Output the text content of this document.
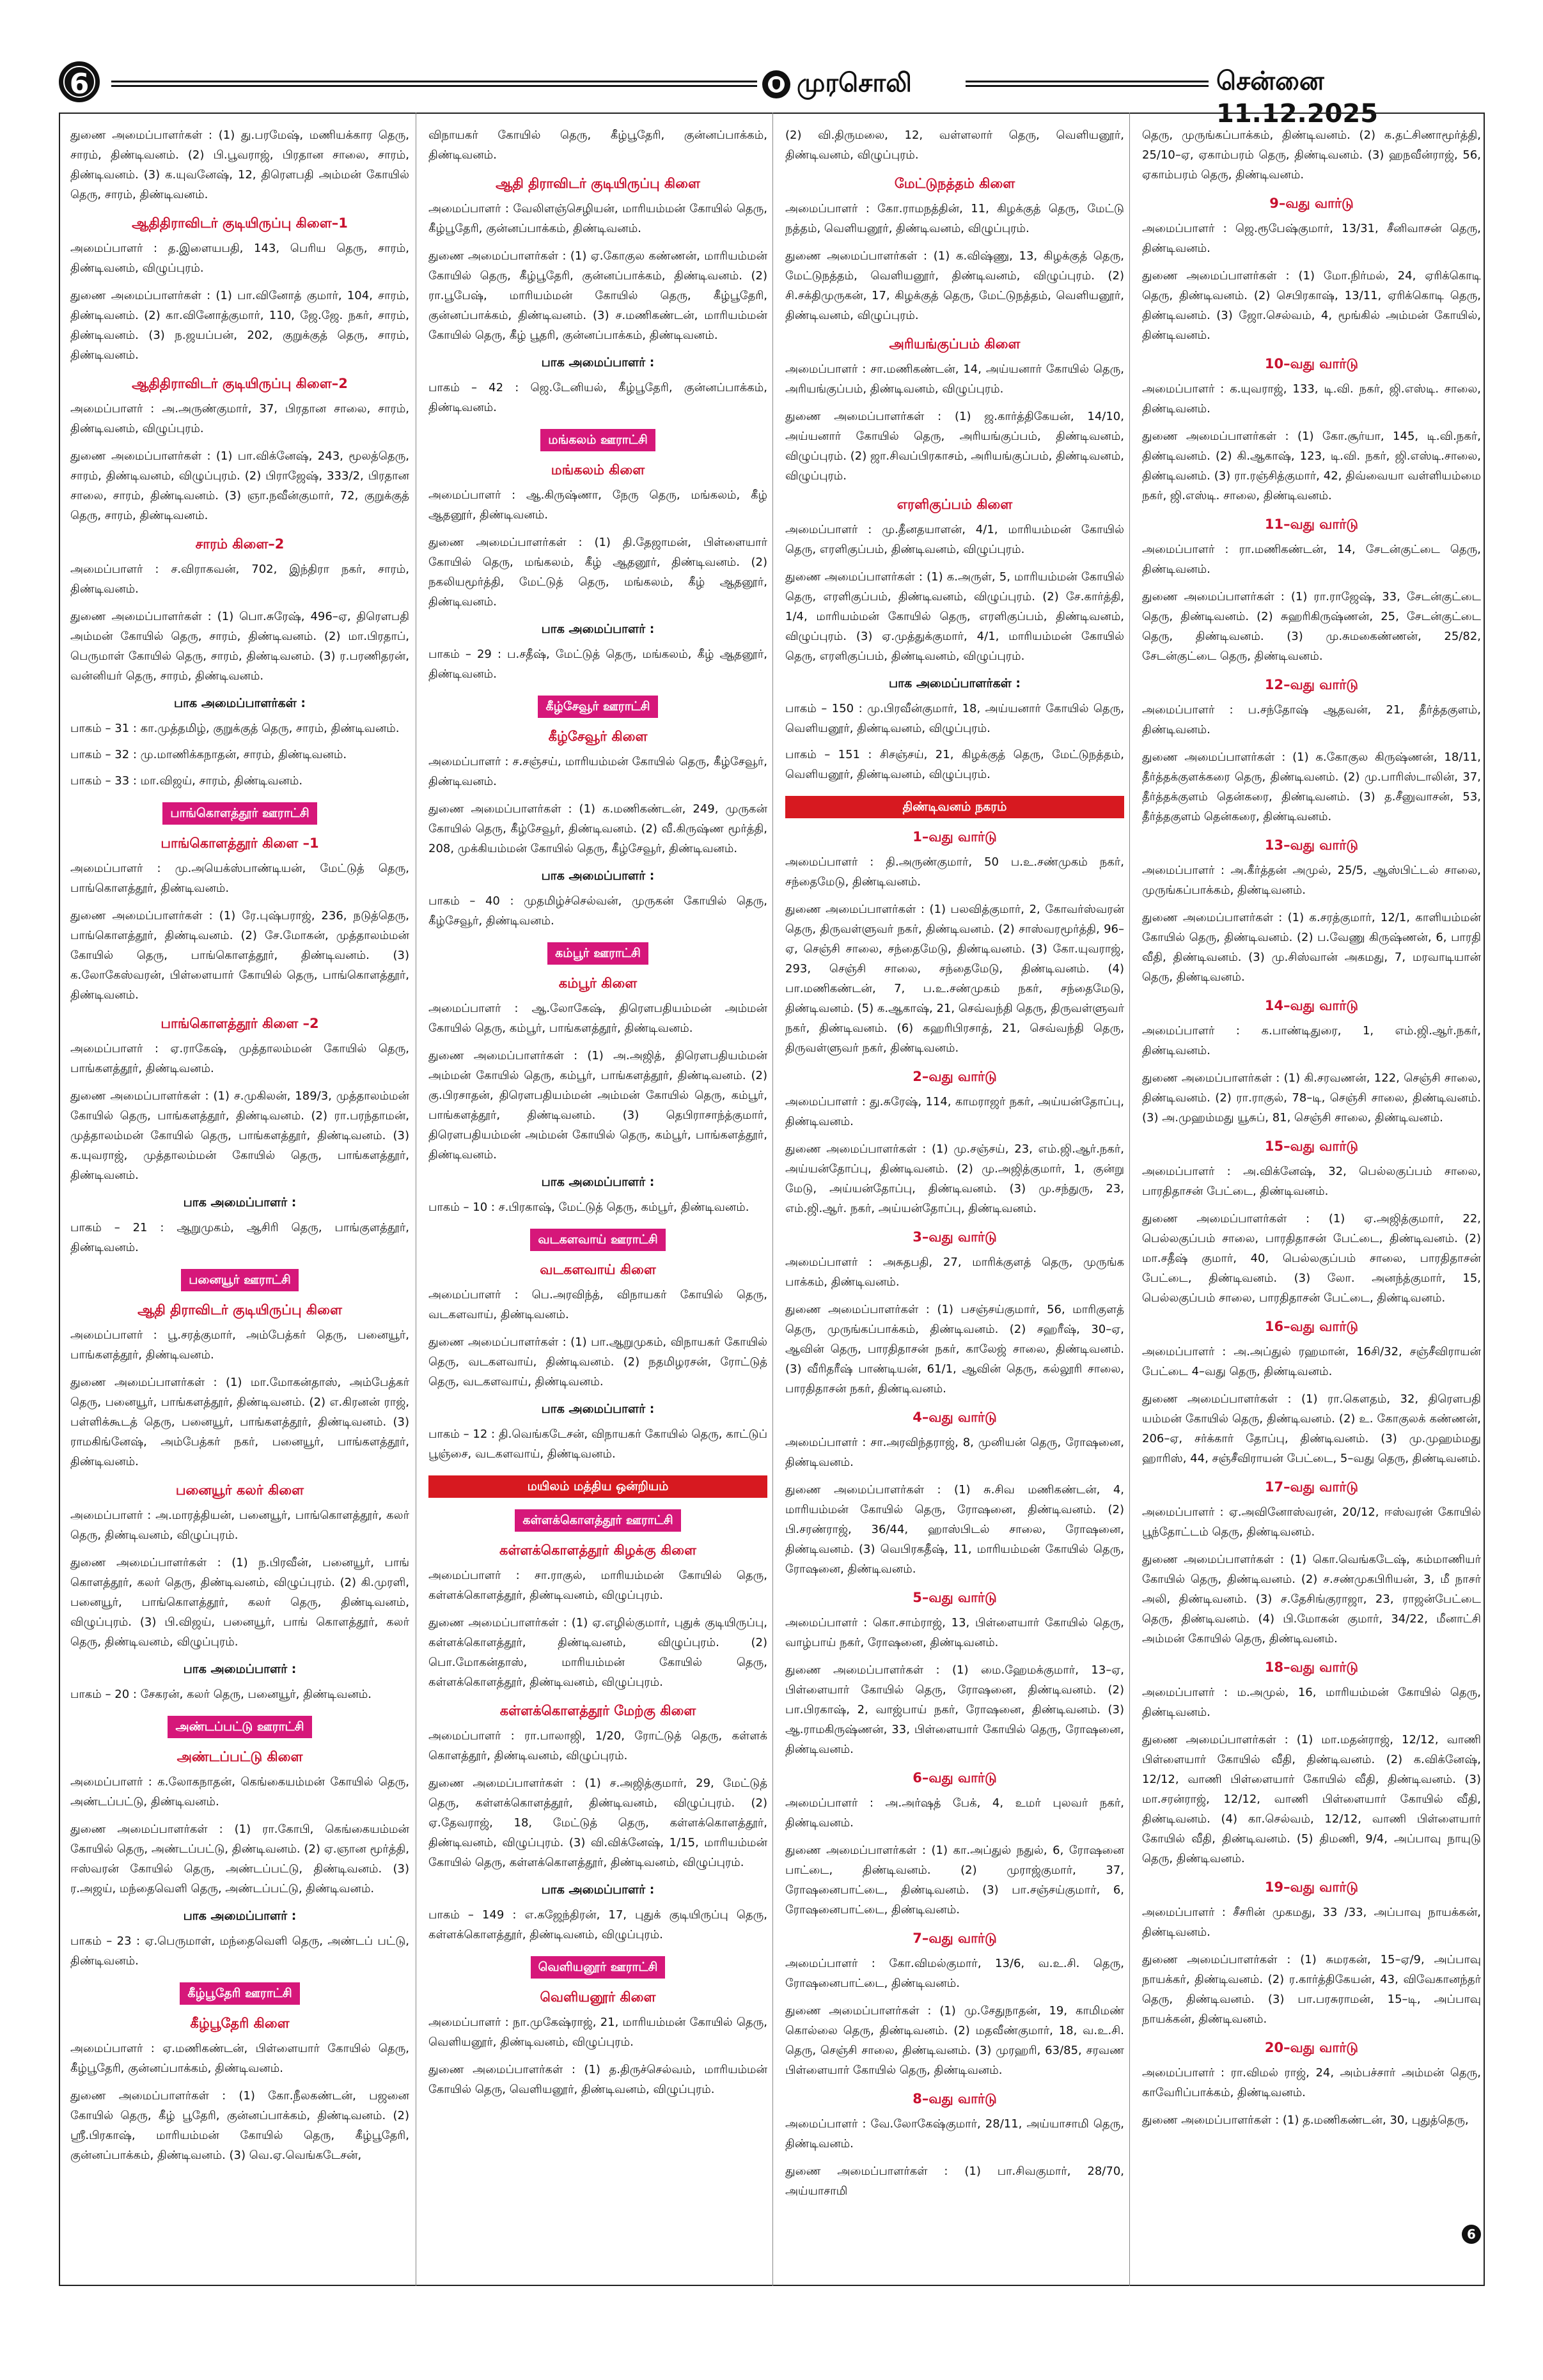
6	முரசொலி	சென்னை 11.12.2025

துணை அமைப்பாளர்கள் : (1) து.பரமேஷ், மணியக்கார தெரு, சாரம், திண்டிவனம். (2) பி.பூவராஜ், பிரதான சாலை, சாரம், திண்டிவனம். (3) க.யுவனேஷ், 12, திரௌபதி அம்மன் கோயில் தெரு, சாரம், திண்டிவனம்.

ஆதிதிராவிடர் குடியிருப்பு கிளை–1

அமைப்பாளர் : த.இளையபதி, 143, பெரிய தெரு, சாரம், திண்டிவனம், விழுப்புரம்.

துணை அமைப்பாளர்கள் : (1) பா.வினோத் குமார், 104, சாரம், திண்டிவனம். (2) கா.வினோத்குமார், 110, ஜே.ஜே. நகர், சாரம், திண்டிவனம். (3) ந.ஜயப்பன், 202, குறுக்குத் தெரு, சாரம், திண்டிவனம்.

ஆதிதிராவிடர் குடியிருப்பு கிளை–2

அமைப்பாளர் : அ.அருண்குமார், 37, பிரதான சாலை, சாரம், திண்டிவனம், விழுப்புரம்.

துணை அமைப்பாளர்கள் : (1) பா.விக்னேஷ், 243, மூலத்தெரு, சாரம், திண்டிவனம், விழுப்புரம். (2) பிராஜேஷ், 333/2, பிரதான சாலை, சாரம், திண்டிவனம். (3) ஞா.நவீன்குமார், 72, குறுக்குத் தெரு, சாரம், திண்டிவனம்.

சாரம் கிளை–2

அமைப்பாளர் : ச.விராகவன், 702, இந்திரா நகர், சாரம், திண்டிவனம்.

துணை அமைப்பாளர்கள் : (1) பொ.சுரேஷ், 496–ஏ, திரௌபதி அம்மன் கோயில் தெரு, சாரம், திண்டிவனம். (2) மா.பிரதாப், பெருமாள் கோயில் தெரு, சாரம், திண்டிவனம். (3) ர.பரணிதரன், வன்னியர் தெரு, சாரம், திண்டிவனம்.

பாக அமைப்பாளர்கள் :

பாகம் – 31 : கா.முத்தமிழ், குறுக்குத் தெரு, சாரம், திண்டிவனம்.

பாகம் – 32 : மு.மாணிக்கநாதன், சாரம், திண்டிவனம்.

பாகம் – 33 : மா.விஜய், சாரம், திண்டிவனம்.

பாங்கொளத்தூர் ஊராட்சி
பாங்கொளத்தூர் கிளை –1

அமைப்பாளர் : மு.அயெக்ஸ்பாண்டியன், மேட்டுத் தெரு, பாங்கொளத்தூர், திண்டிவனம்.

துணை அமைப்பாளர்கள் : (1) ரே.புஷ்பராஜ், 236, நடுத்தெரு, பாங்கொளத்தூர், திண்டிவனம். (2) சே.மோகன், முத்தாலம்மன் கோயில் தெரு, பாங்கொளத்தூர், திண்டிவனம். (3) க.லோகேஸ்வரன், பிள்ளையார் கோயில் தெரு, பாங்கொளத்தூர், திண்டிவனம்.

பாங்கொளத்தூர் கிளை –2

அமைப்பாளர் : ஏ.ராகேஷ், முத்தாலம்மன் கோயில் தெரு, பாங்களத்தூர், திண்டிவனம்.

துணை அமைப்பாளர்கள் : (1) ச.முகிலன், 189/3, முத்தாலம்மன் கோயில் தெரு, பாங்களத்தூர், திண்டிவனம். (2) ரா.பரந்தாமன், முத்தாலம்மன் கோயில் தெரு, பாங்களத்தூர், திண்டிவனம். (3) க.யுவராஜ், முத்தாலம்மன் கோயில் தெரு, பாங்களத்தூர், திண்டிவனம்.

பாக அமைப்பாளர் :

பாகம் – 21 : ஆறுமுகம், ஆசிரி தெரு, பாங்குளத்தூர், திண்டிவனம்.

பனையூர் ஊராட்சி
ஆதி திராவிடர் குடியிருப்பு கிளை

அமைப்பாளர் : பூ.சரத்குமார், அம்பேத்கர் தெரு, பனையூர், பாங்களத்தூர், திண்டிவனம்.

துணை அமைப்பாளர்கள் : (1) மா.மோகன்தாஸ், அம்பேத்கர் தெரு, பனையூர், பாங்களத்தூர், திண்டிவனம். (2) எ.கிரனன் ராஜ், பள்ளிக்கூடத் தெரு, பனையூர், பாங்களத்தூர், திண்டிவனம். (3) ராமகிங்னேஷ், அம்பேத்கர் நகர், பனையூர், பாங்களத்தூர், திண்டிவனம்.

பனையூர் கலர் கிளை

அமைப்பாளர் : அ.மாரத்தியன், பனையூர், பாங்கொளத்தூர், கலர் தெரு, திண்டிவனம், விழுப்புரம்.

துணை அமைப்பாளர்கள் : (1) ந.பிரவீன், பனையூர், பாங் கொளத்தூர், கலர் தெரு, திண்டிவனம், விழுப்புரம். (2) கி.முரளி, பனையூர், பாங்கொளத்தூர், கலர் தெரு, திண்டிவனம், விழுப்புரம். (3) பி.விஜய், பனையூர், பாங் கொளத்தூர், கலர் தெரு, திண்டிவனம், விழுப்புரம்.

பாக அமைப்பாளர் :

பாகம் – 20 : சேகரன், கலர் தெரு, பனையூர், திண்டிவனம்.

அண்டப்பட்டு ஊராட்சி
அண்டப்பட்டு கிளை

அமைப்பாளர் : க.லோகநாதன், கெங்கையம்மன் கோயில் தெரு, அண்டப்பட்டு, திண்டிவனம்.

துணை அமைப்பாளர்கள் : (1) ரா.கோபி, கெங்கையம்மன் கோயில் தெரு, அண்டப்பட்டு, திண்டிவனம். (2) ஏ.ஞான மூர்த்தி, ஈஸ்வரன் கோயில் தெரு, அண்டப்பட்டு, திண்டிவனம். (3) ர.அஜய், மந்தைவெளி தெரு, அண்டப்பட்டு, திண்டிவனம்.

பாக அமைப்பாளர் :

பாகம் – 23 : ஏ.பெருமாள், மந்தைவெளி தெரு, அண்டப் பட்டு, திண்டிவனம்.

கீழ்பூதேரி ஊராட்சி
கீழ்பூதேரி கிளை

அமைப்பாளர் : ஏ.மணிகண்டன், பிள்ளையார் கோயில் தெரு, கீழ்பூதேரி, குன்னப்பாக்கம், திண்டிவனம்.

துணை அமைப்பாளர்கள் : (1) கோ.நீலகண்டன், பஜனை கோயில் தெரு, கீழ் பூதேரி, குன்னப்பாக்கம், திண்டிவனம். (2) ஸ்ரீ.பிரகாஷ், மாரியம்மன் கோயில் தெரு, கீழ்பூதேரி, குன்னப்பாக்கம், திண்டிவனம். (3) வெ.ஏ.வெங்கடேசன்,

விநாயகர் கோயில் தெரு, கீழ்பூதேரி, குன்னப்பாக்கம், திண்டிவனம்.

ஆதி திராவிடர் குடியிருப்பு கிளை

அமைப்பாளர் : வேலிளஞ்செழியன், மாரியம்மன் கோயில் தெரு, கீழ்பூதேரி, குன்னப்பாக்கம், திண்டிவனம்.

துணை அமைப்பாளர்கள் : (1) ஏ.கோகுல கண்ணன், மாரியம்மன் கோயில் தெரு, கீழ்பூதேரி, குன்னப்பாக்கம், திண்டிவனம். (2) ரா.பூபேஷ், மாரியம்மன் கோயில் தெரு, கீழ்பூதேரி, குன்னப்பாக்கம், திண்டிவனம். (3) ச.மணிகண்டன், மாரியம்மன் கோயில் தெரு, கீழ் பூதரி, குன்னப்பாக்கம், திண்டிவனம்.

பாக அமைப்பாளர் :

பாகம் – 42 : ஜெ.டேனியல், கீழ்பூதேரி, குன்னப்பாக்கம், திண்டிவனம்.

மங்கலம் ஊராட்சி
மங்கலம் கிளை

அமைப்பாளர் : ஆ.கிருஷ்ணா, நேரு தெரு, மங்கலம், கீழ் ஆதனூர், திண்டிவனம்.

துணை அமைப்பாளர்கள் : (1) தி.தேஜாமன், பிள்ளையார் கோயில் தெரு, மங்கலம், கீழ் ஆதனூர், திண்டிவனம். (2) நகலியமூர்த்தி, மேட்டுத் தெரு, மங்கலம், கீழ் ஆதனூர், திண்டிவனம்.

பாக அமைப்பாளர் :

பாகம் – 29 : ப.சதீஷ், மேட்டுத் தெரு, மங்கலம், கீழ் ஆதனூர், திண்டிவனம்.

கீழ்சேவூர் ஊராட்சி
கீழ்சேவூர் கிளை

அமைப்பாளர் : ச.சஞ்சய், மாரியம்மன் கோயில் தெரு, கீழ்சேவூர், திண்டிவனம்.

துணை அமைப்பாளர்கள் : (1) க.மணிகண்டன், 249, முருகன் கோயில் தெரு, கீழ்சேவூர், திண்டிவனம். (2) வீ.கிருஷ்ண மூர்த்தி, 208, முக்கியம்மன் கோயில் தெரு, கீழ்சேவூர், திண்டிவனம்.

பாக அமைப்பாளர் :

பாகம் – 40 : முதமிழ்ச்செல்வன், முருகன் கோயில் தெரு, கீழ்சேவூர், திண்டிவனம்.

கம்பூர் ஊராட்சி
கம்பூர் கிளை

அமைப்பாளர் : ஆ.லோகேஷ், திரௌபதியம்மன் அம்மன் கோயில் தெரு, கம்பூர், பாங்களத்தூர், திண்டிவனம்.

துணை அமைப்பாளர்கள் : (1) அ.அஜித், திரௌபதியம்மன் அம்மன் கோயில் தெரு, கம்பூர், பாங்களத்தூர், திண்டிவனம். (2) கு.பிரசாதன், திரௌபதியம்மன் அம்மன் கோயில் தெரு, கம்பூர், பாங்களத்தூர், திண்டிவனம். (3) தெபிராசாந்த்குமார், திரௌபதியம்மன் அம்மன் கோயில் தெரு, கம்பூர், பாங்களத்தூர், திண்டிவனம்.

பாக அமைப்பாளர் :

பாகம் – 10 : ச.பிரகாஷ், மேட்டுத் தெரு, கம்பூர், திண்டிவனம்.

வடகளவாய் ஊராட்சி
வடகளவாய் கிளை

அமைப்பாளர் : பெ.அரவிந்த், விநாயகர் கோயில் தெரு, வடகளவாய், திண்டிவனம்.

துணை அமைப்பாளர்கள் : (1) பா.ஆறுமுகம், விநாயகர் கோயில் தெரு, வடகளவாய், திண்டிவனம். (2) நதமிழரசன், ரோட்டுத் தெரு, வடகளவாய், திண்டிவனம்.

பாக அமைப்பாளர் :

பாகம் – 12 : தி.வெங்கடேசன், விநாயகர் கோயில் தெரு, காட்டுப் பூஞ்சை, வடகளவாய், திண்டிவனம்.

மயிலம் மத்திய ஒன்றியம்
கள்ளக்கொளத்தூர் ஊராட்சி
கள்ளக்கொளத்தூர் கிழக்கு கிளை

அமைப்பாளர் : சா.ராகுல், மாரியம்மன் கோயில் தெரு, கள்ளக்கொளத்தூர், திண்டிவனம், விழுப்புரம்.

துணை அமைப்பாளர்கள் : (1) ஏ.எழில்குமார், புதுக் குடியிருப்பு, கள்ளக்கொளத்தூர், திண்டிவனம், விழுப்புரம். (2) பொ.மோகன்தாஸ், மாரியம்மன் கோயில் தெரு, கள்ளக்கொளத்தூர், திண்டிவனம், விழுப்புரம்.

கள்ளக்கொளத்தூர் மேற்கு கிளை

அமைப்பாளர் : ரா.பாலாஜி, 1/20, ரோட்டுத் தெரு, கள்ளக் கொளத்தூர், திண்டிவனம், விழுப்புரம்.

துணை அமைப்பாளர்கள் : (1) ச.அஜித்குமார், 29, மேட்டுத் தெரு, கள்ளக்கொளத்தூர், திண்டிவனம், விழுப்புரம். (2) ஏ.தேவராஜ், 18, மேட்டுத் தெரு, கள்ளக்கொளத்தூர், திண்டிவனம், விழுப்புரம். (3) வி.விக்னேஷ், 1/15, மாரியம்மன் கோயில் தெரு, கள்ளக்கொளத்தூர், திண்டிவனம், விழுப்புரம்.

பாக அமைப்பாளர் :

பாகம் – 149 : எ.கஜேந்திரன், 17, புதுக் குடியிருப்பு தெரு, கள்ளக்கொளத்தூர், திண்டிவனம், விழுப்புரம்.

வெளியனூர் ஊராட்சி
வெளியனூர் கிளை

அமைப்பாளர் : நா.முகேஷ்ராஜ், 21, மாரியம்மன் கோயில் தெரு, வெளியனூர், திண்டிவனம், விழுப்புரம்.

துணை அமைப்பாளர்கள் : (1) த.திருச்செல்வம், மாரியம்மன் கோயில் தெரு, வெளியனூர், திண்டிவனம், விழுப்புரம்.

(2) வி.திருமலை, 12, வள்ளலார் தெரு, வெளியனூர், திண்டிவனம், விழுப்புரம்.

மேட்டுநத்தம் கிளை

அமைப்பாளர் : கோ.ராமநத்தின், 11, கிழக்குத் தெரு, மேட்டு நத்தம், வெளியனூர், திண்டிவனம், விழுப்புரம்.

துணை அமைப்பாளர்கள் : (1) க.விஷ்ணு, 13, கிழக்குத் தெரு, மேட்டுநத்தம், வெளியனூர், திண்டிவனம், விழுப்புரம். (2) சி.சக்திமுருகன், 17, கிழக்குத் தெரு, மேட்டுநத்தம், வெளியனூர், திண்டிவனம், விழுப்புரம்.

அரியங்குப்பம் கிளை

அமைப்பாளர் : சா.மணிகண்டன், 14, அய்யனார் கோயில் தெரு, அரியங்குப்பம், திண்டிவனம், விழுப்புரம்.

துணை அமைப்பாளர்கள் : (1) ஜ.கார்த்திகேயன், 14/10, அய்யனார் கோயில் தெரு, அரியங்குப்பம், திண்டிவனம், விழுப்புரம். (2) ஜா.சிவப்பிரகாசம், அரியங்குப்பம், திண்டிவனம், விழுப்புரம்.

எரளிகுப்பம் கிளை

அமைப்பாளர் : மு.தீனதயாளன், 4/1, மாரியம்மன் கோயில் தெரு, எரளிகுப்பம், திண்டிவனம், விழுப்புரம்.

துணை அமைப்பாளர்கள் : (1) க.அருள், 5, மாரியம்மன் கோயில் தெரு, எரளிகுப்பம், திண்டிவனம், விழுப்புரம். (2) சே.கார்த்தி, 1/4, மாரியம்மன் கோயில் தெரு, எரளிகுப்பம், திண்டிவனம், விழுப்புரம். (3) ஏ.முத்துக்குமார், 4/1, மாரியம்மன் கோயில் தெரு, எரளிகுப்பம், திண்டிவனம், விழுப்புரம்.

பாக அமைப்பாளர்கள் :

பாகம் – 150 : மு.பிரவீன்குமார், 18, அய்யனார் கோயில் தெரு, வெளியனூர், திண்டிவனம், விழுப்புரம்.

பாகம் – 151 : சிசஞ்சய், 21, கிழக்குத் தெரு, மேட்டுநத்தம், வெளியனூர், திண்டிவனம், விழுப்புரம்.

திண்டிவனம் நகரம்
1–வது வார்டு

அமைப்பாளர் : தி.அருண்குமார், 50 ப.உ.சண்முகம் நகர், சந்தைமேடு, திண்டிவனம்.

துணை அமைப்பாளர்கள் : (1) பலவித்குமார், 2, கோவர்ஸ்வரன் தெரு, திருவள்ளுவர் நகர், திண்டிவனம். (2) சாஸ்வரமூர்த்தி, 96–ஏ, செஞ்சி சாலை, சந்தைமேடு, திண்டிவனம். (3) கோ.யுவராஜ், 293, செஞ்சி சாலை, சந்தைமேடு, திண்டிவனம். (4) பா.மணிகண்டன், 7, ப.உ.சண்முகம் நகர், சந்தைமேடு, திண்டிவனம். (5) க.ஆகாஷ், 21, செவ்வந்தி தெரு, திருவள்ளுவர் நகர், திண்டிவனம். (6) கஹரிபிரசாத், 21, செவ்வந்தி தெரு, திருவள்ளுவர் நகர், திண்டிவனம்.

2–வது வார்டு

அமைப்பாளர் : து.சுரேஷ், 114, காமராஜர் நகர், அய்யன்தோப்பு, திண்டிவனம்.

துணை அமைப்பாளர்கள் : (1) மு.சஞ்சய், 23, எம்.ஜி.ஆர்.நகர், அய்யன்தோப்பு, திண்டிவனம். (2) மு.அஜித்குமார், 1, குன்று மேடு, அய்யன்தோப்பு, திண்டிவனம். (3) மு.சந்துரு, 23, எம்.ஜி.ஆர். நகர், அய்யன்தோப்பு, திண்டிவனம்.

3–வது வார்டு

அமைப்பாளர் : அசுதபதி, 27, மாரிக்குளத் தெரு, முருங்க பாக்கம், திண்டிவனம்.

துணை அமைப்பாளர்கள் : (1) பசஞ்சய்குமார், 56, மாரிகுளத் தெரு, முருங்கப்பாக்கம், திண்டிவனம். (2) சஹரீஷ், 30–ஏ, ஆவின் தெரு, பாரதிதாசன் நகர், காலேஜ் சாலை, திண்டிவனம். (3) வீரிதரீஷ் பாண்டியன், 61/1, ஆவின் தெரு, கல்லூரி சாலை, பாரதிதாசன் நகர், திண்டிவனம்.

4–வது வார்டு

அமைப்பாளர் : சா.அரவிந்தராஜ், 8, முனியன் தெரு, ரோஷனை, திண்டிவனம்.

துணை அமைப்பாளர்கள் : (1) சு.சிவ மணிகண்டன், 4, மாரியம்மன் கோயில் தெரு, ரோஷனை, திண்டிவனம். (2) பி.சரண்ராஜ், 36/44, ஹாஸ்பிடல் சாலை, ரோஷனை, திண்டிவனம். (3) வெபிரகதீஷ், 11, மாரியம்மன் கோயில் தெரு, ரோஷனை, திண்டிவனம்.

5–வது வார்டு

அமைப்பாளர் : கொ.சாம்ராஜ், 13, பிள்ளையார் கோயில் தெரு, வாழ்பாய் நகர், ரோஷனை, திண்டிவனம்.

துணை அமைப்பாளர்கள் : (1) மை.ஹேமக்குமார், 13–ஏ, பிள்ளையார் கோயில் தெரு, ரோஷனை, திண்டிவனம். (2) பா.பிரகாஷ், 2, வாஜ்பாய் நகர், ரோஷனை, திண்டிவனம். (3) ஆ.ராமகிருஷ்ணன், 33, பிள்ளையார் கோயில் தெரு, ரோஷனை, திண்டிவனம்.

6–வது வார்டு

அமைப்பாளர் : அ.அர்ஷத் பேக், 4, உமர் புலவர் நகர், திண்டிவனம்.

துணை அமைப்பாளர்கள் : (1) கா.அப்துல் நதுல், 6, ரோஷனை பாட்டை, திண்டிவனம். (2) முராஜ்குமார், 37, ரோஷனைபாட்டை, திண்டிவனம். (3) பா.சஞ்சய்குமார், 6, ரோஷனைபாட்டை, திண்டிவனம்.

7–வது வார்டு

அமைப்பாளர் : கோ.விமல்குமார், 13/6, வ.உ.சி. தெரு, ரோஷனைபாட்டை, திண்டிவனம்.

துணை அமைப்பாளர்கள் : (1) மு.சேதுநாதன், 19, காமிமண் கொல்லை தெரு, திண்டிவனம். (2) மதவீண்குமார், 18, வ.உ.சி. தெரு, செஞ்சி சாலை, திண்டிவனம். (3) முரஹரி, 63/85, சரவண பிள்ளையார் கோயில் தெரு, திண்டிவனம்.

8–வது வார்டு

அமைப்பாளர் : வே.லோகேஷ்குமார், 28/11, அய்யாசாமி தெரு, திண்டிவனம்.

துணை அமைப்பாளர்கள் : (1) பா.சிவகுமார், 28/70, அய்யாசாமி

தெரு, முருங்கப்பாக்கம், திண்டிவனம். (2) க.தட்சிணாமூர்த்தி, 25/10–ஏ, ஏகாம்பரம் தெரு, திண்டிவனம். (3) ஹநவீன்ராஜ், 56, ஏகாம்பரம் தெரு, திண்டிவனம்.

9–வது வார்டு

அமைப்பாளர் : ஜெ.ரூபேஷ்குமார், 13/31, சீனிவாசன் தெரு, திண்டிவனம்.

துணை அமைப்பாளர்கள் : (1) மோ.நிர்மல், 24, ஏரிக்கொடி தெரு, திண்டிவனம். (2) செபிரகாஷ், 13/11, ஏரிக்கொடி தெரு, திண்டிவனம். (3) ஜோ.செல்வம், 4, மூங்கில் அம்மன் கோயில், திண்டிவனம்.

10–வது வார்டு

அமைப்பாளர் : க.யுவராஜ், 133, டி.வி. நகர், ஜி.எஸ்டி. சாலை, திண்டிவனம்.

துணை அமைப்பாளர்கள் : (1) கோ.சூர்யா, 145, டி.வி.நகர், திண்டிவனம். (2) கி.ஆகாஷ், 123, டி.வி. நகர், ஜி.எஸ்டி.சாலை, திண்டிவனம். (3) ரா.ரஞ்சித்குமார், 42, திவ்வையா வள்ளியம்மை நகர், ஜி.எஸ்டி. சாலை, திண்டிவனம்.

11–வது வார்டு

அமைப்பாளர் : ரா.மணிகண்டன், 14, சேடன்குட்டை தெரு, திண்டிவனம்.

துணை அமைப்பாளர்கள் : (1) ரா.ராஜேஷ், 33, சேடன்குட்டை தெரு, திண்டிவனம். (2) சுஹரிகிருஷ்ணன், 25, சேடன்குட்டை தெரு, திண்டிவனம். (3) மு.சுமகைண்ணன், 25/82, சேடன்குட்டை தெரு, திண்டிவனம்.

12–வது வார்டு

அமைப்பாளர் : ப.சந்தோஷ் ஆதவன், 21, தீர்த்தகுளம், திண்டிவனம்.

துணை அமைப்பாளர்கள் : (1) க.கோகுல கிருஷ்ணன், 18/11, தீர்த்தக்குளக்கரை தெரு, திண்டிவனம். (2) மு.பாரிஸ்டாலின், 37, தீர்த்தக்குளம் தென்கரை, திண்டிவனம். (3) த.சீனுவாசன், 53, தீர்த்தகுளம் தென்கரை, திண்டிவனம்.

13–வது வார்டு

அமைப்பாளர் : அ.கீர்த்தன் அமுல், 25/5, ஆஸ்பிட்டல் சாலை, முருங்கப்பாக்கம், திண்டிவனம்.

துணை அமைப்பாளர்கள் : (1) க.சரத்குமார், 12/1, காளியம்மன் கோயில் தெரு, திண்டிவனம். (2) ப.வேணு கிருஷ்ணன், 6, பாரதி வீதி, திண்டிவனம். (3) மு.சிஸ்வான் அகமது, 7, மரவாடியான் தெரு, திண்டிவனம்.

14–வது வார்டு

அமைப்பாளர் : க.பாண்டிதுரை, 1, எம்.ஜி.ஆர்.நகர், திண்டிவனம்.

துணை அமைப்பாளர்கள் : (1) கி.சரவணன், 122, செஞ்சி சாலை, திண்டிவனம். (2) ரா.ராகுல், 78–டி, செஞ்சி சாலை, திண்டிவனம். (3) அ.முஹம்மது யூசுப், 81, செஞ்சி சாலை, திண்டிவனம்.

15–வது வார்டு

அமைப்பாளர் : அ.விக்னேஷ், 32, பெல்லகுப்பம் சாலை, பாரதிதாசன் பேட்டை, திண்டிவனம்.

துணை அமைப்பாளர்கள் : (1) ஏ.அஜித்குமார், 22, பெல்லகுப்பம் சாலை, பாரதிதாசன் பேட்டை, திண்டிவனம். (2) மா.சதீஷ் குமார், 40, பெல்லகுப்பம் சாலை, பாரதிதாசன் பேட்டை, திண்டிவனம். (3) லோ. அனந்த்குமார், 15, பெல்லகுப்பம் சாலை, பாரதிதாசன் பேட்டை, திண்டிவனம்.

16–வது வார்டு

அமைப்பாளர் : அ.அப்துல் ரஹமான், 16சி/32, சஞ்சீவிராயன் பேட்டை 4–வது தெரு, திண்டிவனம்.

துணை அமைப்பாளர்கள் : (1) ரா.கௌதம், 32, திரௌபதி யம்மன் கோயில் தெரு, திண்டிவனம். (2) உ. கோகுலக் கண்ணன், 206–ஏ, சர்க்கார் தோப்பு, திண்டிவனம். (3) மு.முஹம்மது ஹாரிஸ், 44, சஞ்சீவிராயன் பேட்டை, 5–வது தெரு, திண்டிவனம்.

17–வது வார்டு

அமைப்பாளர் : ஏ.அவினோஸ்வரன், 20/12, ஈஸ்வரன் கோயில் பூந்தோட்டம் தெரு, திண்டிவனம்.

துணை அமைப்பாளர்கள் : (1) கொ.வெங்கடேஷ், கம்மாணியர் கோயில் தெரு, திண்டிவனம். (2) ச.சண்முகபிரியன், 3, மீ நாசர் அலி, திண்டிவனம். (3) ச.தேசிங்குராஜா, 23, ராஜன்பேட்டை தெரு, திண்டிவனம். (4) பி.மோகன் குமார், 34/22, மீனாட்சி அம்மன் கோயில் தெரு, திண்டிவனம்.

18–வது வார்டு

அமைப்பாளர் : ம.அமுல், 16, மாரியம்மன் கோயில் தெரு, திண்டிவனம்.

துணை அமைப்பாளர்கள் : (1) மா.மதன்ராஜ், 12/12, வாணி பிள்ளையார் கோயில் வீதி, திண்டிவனம். (2) க.விக்னேஷ், 12/12, வாணி பிள்ளையார் கோயில் வீதி, திண்டிவனம். (3) மா.சரன்ராஜ், 12/12, வாணி பிள்ளையார் கோயில் வீதி, திண்டிவனம். (4) கா.செல்வம், 12/12, வாணி பிள்ளையார் கோயில் வீதி, திண்டிவனம். (5) திமணி, 9/4, அப்பாவு நாயுடு தெரு, திண்டிவனம்.

19–வது வார்டு

அமைப்பாளர் : சீசரின் முகமது, 33 /33, அப்பாவு நாயக்கன், திண்டிவனம்.

துணை அமைப்பாளர்கள் : (1) சுமரகன், 15–ஏ/9, அப்பாவு நாயக்கர், திண்டிவனம். (2) ர.கார்த்திகேயன், 43, விவேகானந்தர் தெரு, திண்டிவனம். (3) பா.பரசுராமன், 15–டி, அப்பாவு நாயக்கன், திண்டிவனம்.

20–வது வார்டு

அமைப்பாளர் : ரா.விமல் ராஜ், 24, அம்பச்சார் அம்மன் தெரு, காவேரிப்பாக்கம், திண்டிவனம்.

துணை அமைப்பாளர்கள் : (1) த.மணிகண்டன், 30, புதுத்தெரு,

6
